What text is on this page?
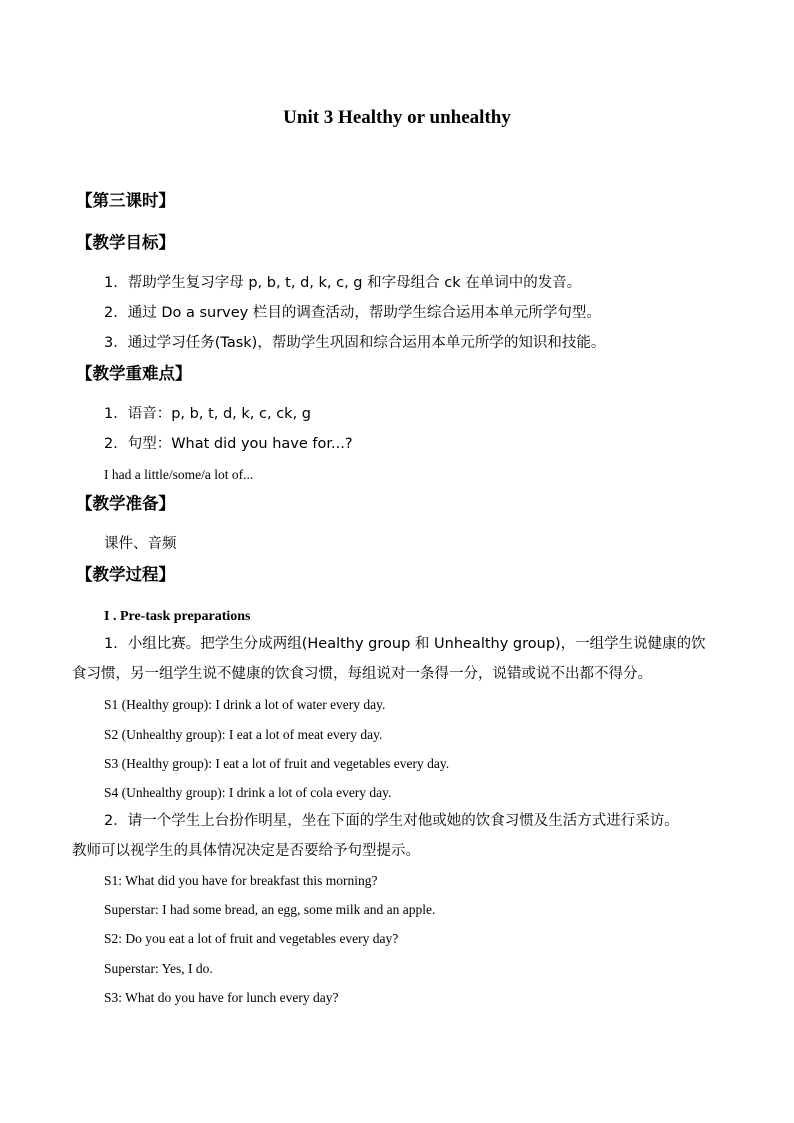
Unit 3 Healthy or unhealthy
【第三课时】
【教学目标】
1．帮助学生复习字母 p, b, t, d, k, c, g 和字母组合 ck 在单词中的发音。
2．通过 Do a survey 栏目的调查活动，帮助学生综合运用本单元所学句型。
3．通过学习任务(Task)，帮助学生巩固和综合运用本单元所学的知识和技能。
【教学重难点】
1．语音：p, b, t, d, k, c, ck, g
2．句型：What did you have for...?
I had a little/some/a lot of...
【教学准备】
课件、音频
【教学过程】
I . Pre-task preparations
1．小组比赛。把学生分成两组(Healthy group 和 Unhealthy group)，一组学生说健康的饮
食习惯，另一组学生说不健康的饮食习惯，每组说对一条得一分，说错或说不出都不得分。
S1 (Healthy group): I drink a lot of water every day.
S2 (Unhealthy group): I eat a lot of meat every day.
S3 (Healthy group): I eat a lot of fruit and vegetables every day.
S4 (Unhealthy group): I drink a lot of cola every day.
2．请一个学生上台扮作明星，坐在下面的学生对他或她的饮食习惯及生活方式进行采访。
教师可以视学生的具体情况决定是否要给予句型提示。
S1: What did you have for breakfast this morning?
Superstar: I had some bread, an egg, some milk and an apple.
S2: Do you eat a lot of fruit and vegetables every day?
Superstar: Yes, I do.
S3: What do you have for lunch every day?
